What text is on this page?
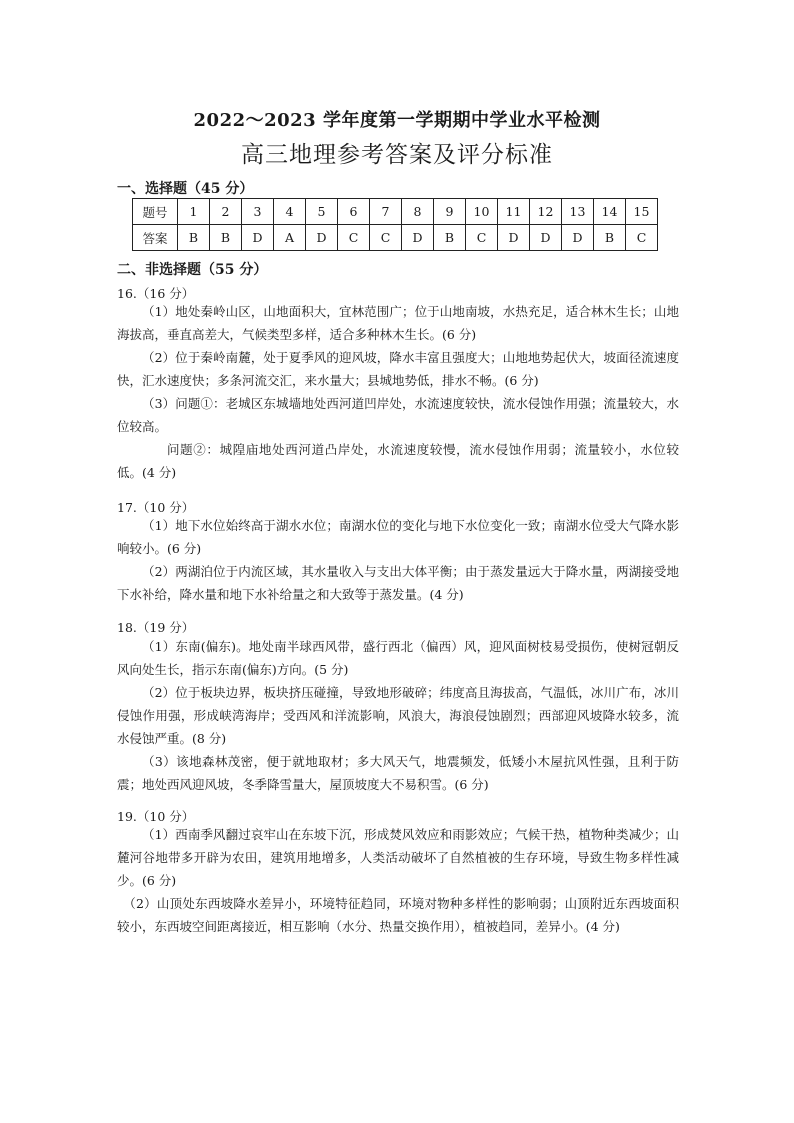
2022～2023 学年度第一学期期中学业水平检测
高三地理参考答案及评分标准
一、选择题（45 分）
题号	1	2	3	4	5	6	7	8	9	10	11	12	13	14	15
答案	B	B	D	A	D	C	C	D	B	C	D	D	D	B	C
二、非选择题（55 分）
16.（16 分）

（1）地处秦岭山区，山地面积大，宜林范围广；位于山地南坡，水热充足，适合林木生长；山地海拔高，垂直高差大，气候类型多样，适合多种林木生长。(6 分)

（2）位于秦岭南麓，处于夏季风的迎风坡，降水丰富且强度大；山地地势起伏大，坡面径流速度快，汇水速度快；多条河流交汇，来水量大；县城地势低，排水不畅。(6 分)

（3）问题①：老城区东城墙地处西河道凹岸处，水流速度较快，流水侵蚀作用强；流量较大，水位较高。

问题②：城隍庙地处西河道凸岸处，水流速度较慢，流水侵蚀作用弱；流量较小，水位较低。(4 分)

17.（10 分）

（1）地下水位始终高于湖水水位；南湖水位的变化与地下水位变化一致；南湖水位受大气降水影响较小。(6 分)

（2）两湖泊位于内流区域，其水量收入与支出大体平衡；由于蒸发量远大于降水量，两湖接受地下水补给，降水量和地下水补给量之和大致等于蒸发量。(4 分)

18.（19 分）

（1）东南(偏东)。地处南半球西风带，盛行西北（偏西）风，迎风面树枝易受损伤，使树冠朝反风向处生长，指示东南(偏东)方向。(5 分)

（2）位于板块边界，板块挤压碰撞，导致地形破碎；纬度高且海拔高，气温低，冰川广布，冰川侵蚀作用强，形成峡湾海岸；受西风和洋流影响，风浪大，海浪侵蚀剧烈；西部迎风坡降水较多，流水侵蚀严重。(8 分)

（3）该地森林茂密，便于就地取材；多大风天气，地震频发，低矮小木屋抗风性强，且利于防震；地处西风迎风坡，冬季降雪量大，屋顶坡度大不易积雪。(6 分)

19.（10 分）

（1）西南季风翻过哀牢山在东坡下沉，形成焚风效应和雨影效应；气候干热，植物种类减少；山麓河谷地带多开辟为农田，建筑用地增多，人类活动破坏了自然植被的生存环境，导致生物多样性减少。(6 分)

（2）山顶处东西坡降水差异小，环境特征趋同，环境对物种多样性的影响弱；山顶附近东西坡面积较小，东西坡空间距离接近，相互影响（水分、热量交换作用），植被趋同，差异小。(4 分)
